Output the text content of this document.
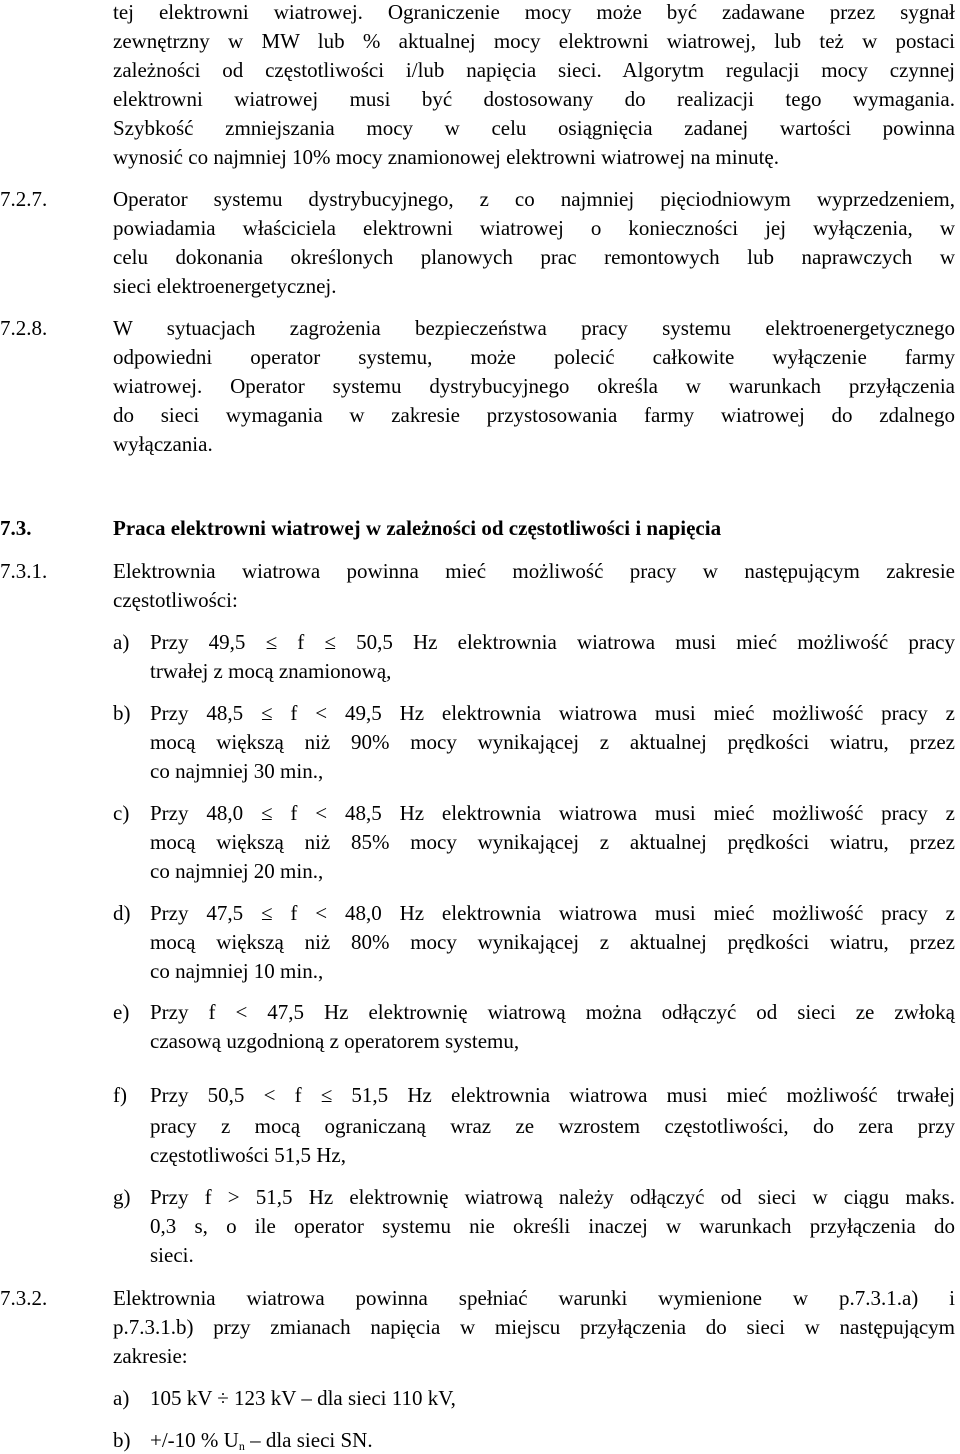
tej elektrowni wiatrowej. Ograniczenie mocy może być zadawane przez sygnał
zewnętrzny w MW lub % aktualnej mocy elektrowni wiatrowej, lub też w postaci
zależności od częstotliwości i/lub napięcia sieci. Algorytm regulacji mocy czynnej
elektrowni wiatrowej musi być dostosowany do realizacji tego wymagania.
Szybkość zmniejszania mocy w celu osiągnięcia zadanej wartości powinna
wynosić co najmniej 10% mocy znamionowej elektrowni wiatrowej na minutę.
7.2.7.	Operator systemu dystrybucyjnego, z co najmniej pięciodniowym wyprzedzeniem,
powiadamia właściciela elektrowni wiatrowej o konieczności jej wyłączenia, w
celu dokonania określonych planowych prac remontowych lub naprawczych w
sieci elektroenergetycznej.
7.2.8.	W sytuacjach zagrożenia bezpieczeństwa pracy systemu elektroenergetycznego
odpowiedni operator systemu, może polecić całkowite wyłączenie farmy
wiatrowej. Operator systemu dystrybucyjnego określa w warunkach przyłączenia
do sieci wymagania w zakresie przystosowania farmy wiatrowej do zdalnego
wyłączania.
7.3.	Praca elektrowni wiatrowej w zależności od częstotliwości i napięcia
7.3.1.	Elektrownia wiatrowa powinna mieć możliwość pracy w następującym zakresie
częstotliwości:
a) Przy 49,5 ≤ f ≤ 50,5 Hz elektrownia wiatrowa musi mieć możliwość pracy
trwałej z mocą znamionową,
b) Przy 48,5 ≤ f < 49,5 Hz elektrownia wiatrowa musi mieć możliwość pracy z
mocą większą niż 90% mocy wynikającej z aktualnej prędkości wiatru, przez
co najmniej 30 min.,
c) Przy 48,0 ≤ f < 48,5 Hz elektrownia wiatrowa musi mieć możliwość pracy z
mocą większą niż 85% mocy wynikającej z aktualnej prędkości wiatru, przez
co najmniej 20 min.,
d) Przy 47,5 ≤ f < 48,0 Hz elektrownia wiatrowa musi mieć możliwość pracy z
mocą większą niż 80% mocy wynikającej z aktualnej prędkości wiatru, przez
co najmniej 10 min.,
e) Przy f < 47,5 Hz elektrownię wiatrową można odłączyć od sieci ze zwłoką
czasową uzgodnioną z operatorem systemu,
f) Przy 50,5 < f ≤ 51,5 Hz elektrownia wiatrowa musi mieć możliwość trwałej
pracy z mocą ograniczaną wraz ze wzrostem częstotliwości, do zera przy
częstotliwości 51,5 Hz,
g) Przy f > 51,5 Hz elektrownię wiatrową należy odłączyć od sieci w ciągu maks.
0,3 s, o ile operator systemu nie określi inaczej w warunkach przyłączenia do
sieci.
7.3.2.	Elektrownia wiatrowa powinna spełniać warunki wymienione w p.7.3.1.a) i
p.7.3.1.b) przy zmianach napięcia w miejscu przyłączenia do sieci w następującym
zakresie:
a) 105 kV ÷ 123 kV – dla sieci 110 kV,
b) +/-10 % $U_n$ – dla sieci SN.
